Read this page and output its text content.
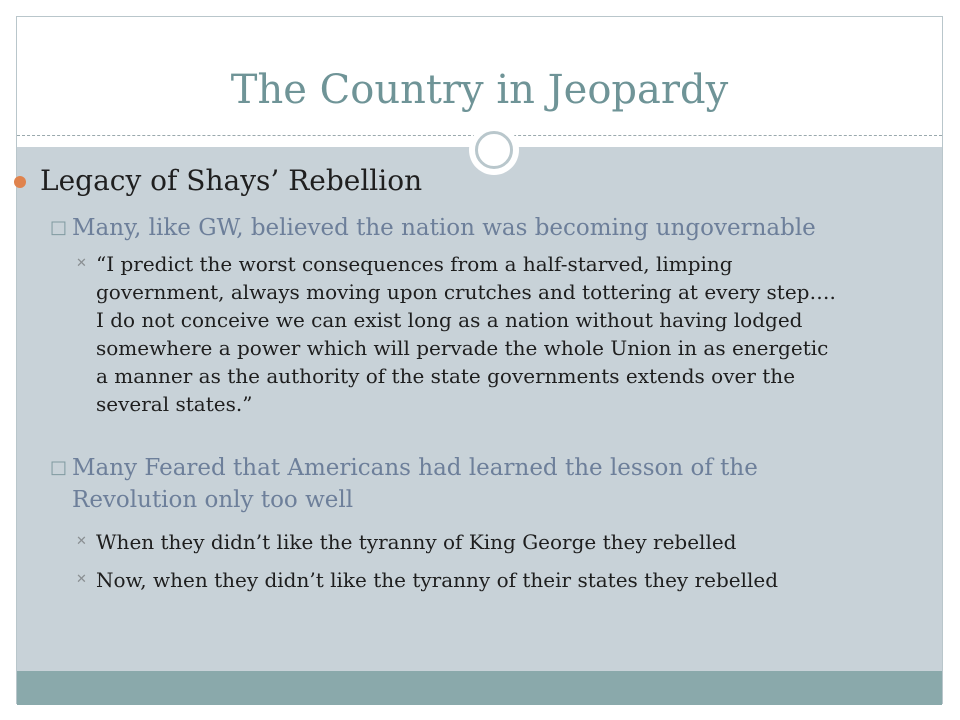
The Country in Jeopardy
Legacy of Shays’ Rebellion
□ Many, like GW, believed the nation was becoming ungovernable
✕ “I predict the worst consequences from a half-starved, limping
government, always moving upon crutches and tottering at every step….
I do not conceive we can exist long as a nation without having lodged
somewhere a power which will pervade the whole Union in as energetic
a manner as the authority of the state governments extends over the
several states.”
□ Many Feared that Americans had learned the lesson of the
Revolution only too well
✕ When they didn’t like the tyranny of King George they rebelled
✕ Now, when they didn’t like the tyranny of their states they rebelled
